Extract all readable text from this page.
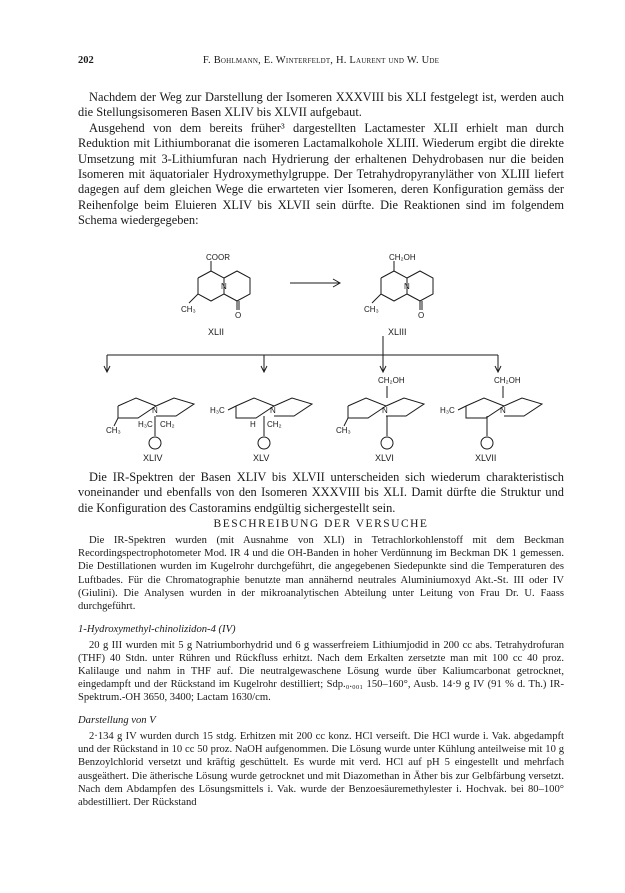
202	F. Bohlmann, E. Winterfeldt, H. Laurent und W. Ude

Nachdem der Weg zur Darstellung der Isomeren XXXVIII bis XLI festgelegt ist, werden auch die Stellungsisomeren Basen XLIV bis XLVII aufgebaut.

Ausgehend von dem bereits früher³ dargestellten Lactamester XLII erhielt man durch Reduktion mit Lithiumboranat die isomeren Lactamalkohole XLIII. Wiederum ergibt die direkte Umsetzung mit 3-Lithiumfuran nach Hydrierung der erhaltenen Dehydrobasen nur die beiden Isomeren mit äquatorialer Hydroxymethylgruppe. Der Tetrahydropyranyläther von XLIII liefert dagegen auf dem gleichen Wege die erwarteten vier Isomeren, deren Konfiguration gemäss der Reihenfolge beim Eluieren XLIV bis XLVII sein dürfte. Die Reaktionen sind im folgendem Schema wiedergegeben:

COOR
CH₃
N
O
XLII
CH₂OH
CH₃
N
O
XLIII
CH₃
H₃C CH₂
N
XLIV
H₃C
H CH₂
N
XLV
CH₂OH
CH₃
N
XLVI
CH₂OH
H₃C	N
XLVII

Die IR-Spektren der Basen XLIV bis XLVII unterscheiden sich wiederum charakteristisch voneinander und ebenfalls von den Isomeren XXXVIII bis XLI. Damit dürfte die Struktur und die Konfiguration des Castoramins endgültig sichergestellt sein.

BESCHREIBUNG DER VERSUCHE

Die IR-Spektren wurden (mit Ausnahme von XLI) in Tetrachlorkohlenstoff mit dem Beckman Recordingspectrophotometer Mod. IR 4 und die OH-Banden in hoher Verdünnung im Beckman DK 1 gemessen. Die Destillationen wurden im Kugelrohr durchgeführt, die angegebenen Siedepunkte sind die Temperaturen des Luftbades. Für die Chromatographie benutzte man annähernd neutrales Aluminiumoxyd Akt.-St. III oder IV (Giulini). Die Analysen wurden in der mikroanalytischen Abteilung unter Leitung von Frau Dr. U. Faass durchgeführt.

1-Hydroxymethyl-chinolizidon-4 (IV)

20 g III wurden mit 5 g Natriumborhydrid und 6 g wasserfreiem Lithiumjodid in 200 cc abs. Tetrahydrofuran (THF) 40 Stdn. unter Rühren und Rückfluss erhitzt. Nach dem Erkalten zersetzte man mit 100 cc 40 proz. Kalilauge und nahm in THF auf. Die neutralgewaschene Lösung wurde über Kaliumcarbonat getrocknet, eingedampft und der Rückstand im Kugelrohr destilliert; Sdp.₀.₀₀₁ 150–160°, Ausb. 14·9 g IV (91 % d. Th.) IR-Spektrum.-OH 3650, 3400; Lactam 1630/cm.

Darstellung von V

2·134 g IV wurden durch 15 stdg. Erhitzen mit 200 cc konz. HCl verseift. Die HCl wurde i. Vak. abgedampft und der Rückstand in 10 cc 50 proz. NaOH aufgenommen. Die Lösung wurde unter Kühlung anteilweise mit 10 g Benzoylchlorid versetzt und kräftig geschüttelt. Es wurde mit verd. HCl auf pH 5 eingestellt und mehrfach ausgeäthert. Die ätherische Lösung wurde getrocknet und mit Diazomethan in Äther bis zur Gelbfärbung versetzt. Nach dem Abdampfen des Lösungsmittels i. Vak. wurde der Benzoesäuremethylester i. Hochvak. bei 80–100° abdestilliert. Der Rückstand
